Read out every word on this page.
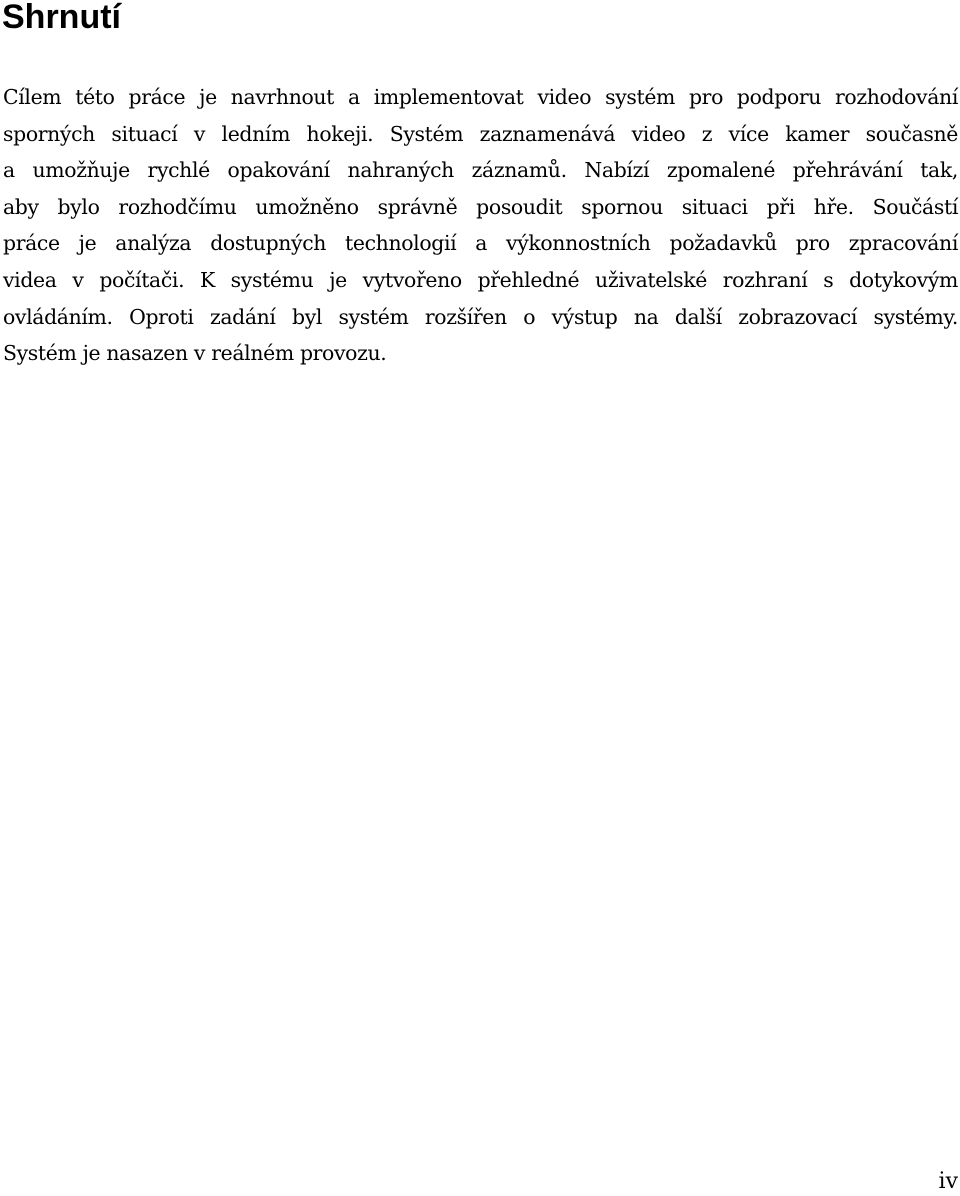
Shrnutí
Cílem této práce je navrhnout a implementovat video systém pro podporu rozhodování
sporných situací v ledním hokeji. Systém zaznamenává video z více kamer současně
a umožňuje rychlé opakování nahraných záznamů. Nabízí zpomalené přehrávání tak,
aby bylo rozhodčímu umožněno správně posoudit spornou situaci při hře. Součástí
práce je analýza dostupných technologií a výkonnostních požadavků pro zpracování
videa v počítači. K systému je vytvořeno přehledné uživatelské rozhraní s dotykovým
ovládáním. Oproti zadání byl systém rozšířen o výstup na další zobrazovací systémy.
Systém je nasazen v reálném provozu.
iv
